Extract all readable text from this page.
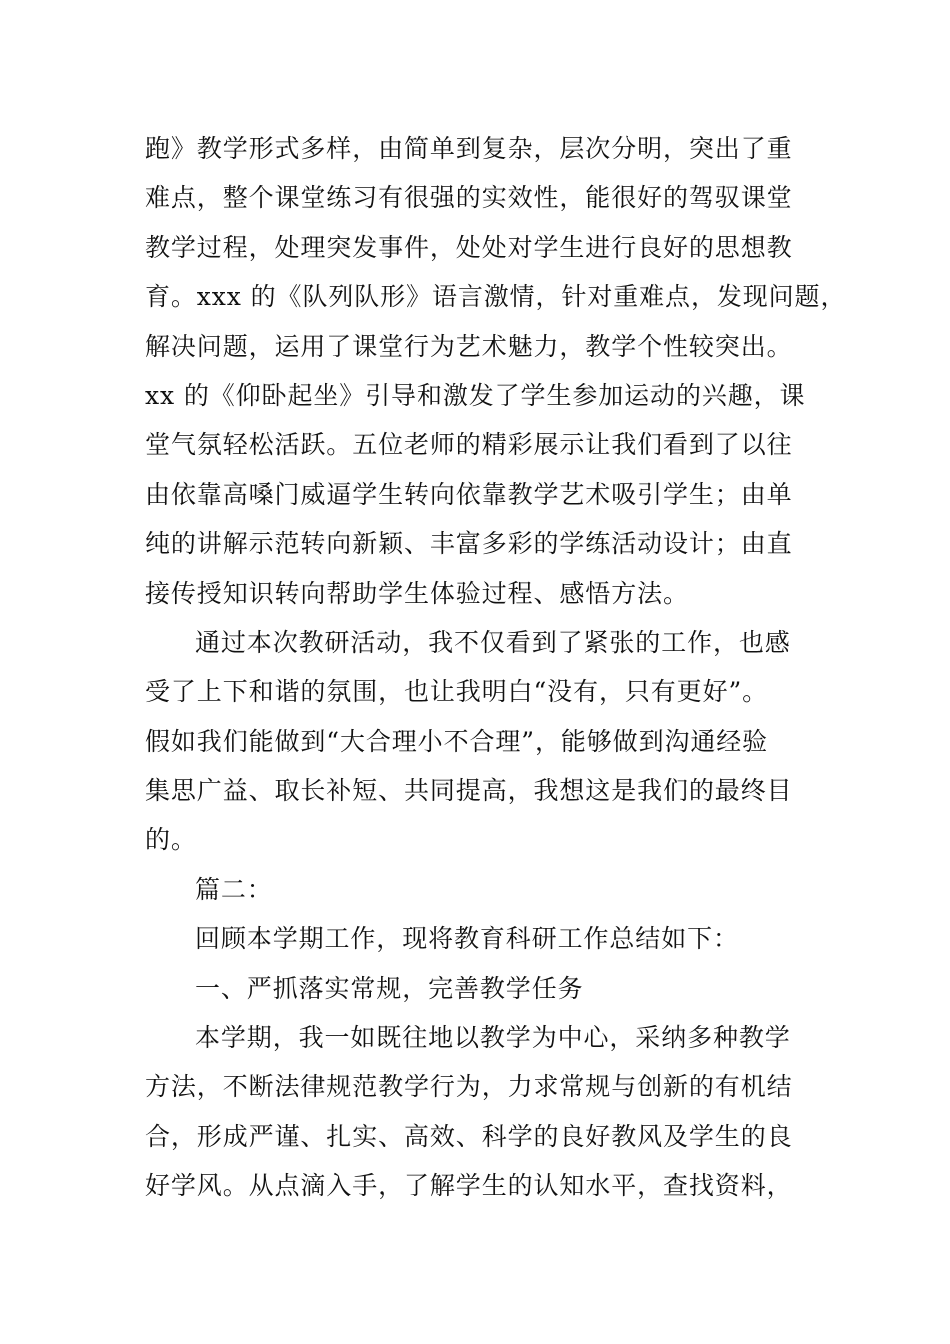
跑》教学形式多样，由简单到复杂，层次分明，突出了重
难点，整个课堂练习有很强的实效性，能很好的驾驭课堂
教学过程，处理突发事件，处处对学生进行良好的思想教
育。xxx 的《队列队形》语言激情，针对重难点，发现问题，
解决问题，运用了课堂行为艺术魅力，教学个性较突出。
xx 的《仰卧起坐》引导和激发了学生参加运动的兴趣，课
堂气氛轻松活跃。五位老师的精彩展示让我们看到了以往
由依靠高嗓门威逼学生转向依靠教学艺术吸引学生；由单
纯的讲解示范转向新颖、丰富多彩的学练活动设计；由直
接传授知识转向帮助学生体验过程、感悟方法。
通过本次教研活动，我不仅看到了紧张的工作，也感
受了上下和谐的氛围，也让我明白“没有，只有更好”。
假如我们能做到“大合理小不合理”，能够做到沟通经验
集思广益、取长补短、共同提高，我想这是我们的最终目
的。
篇二：
回顾本学期工作，现将教育科研工作总结如下：
一、严抓落实常规，完善教学任务
本学期，我一如既往地以教学为中心，采纳多种教学
方法，不断法律规范教学行为，力求常规与创新的有机结
合，形成严谨、扎实、高效、科学的良好教风及学生的良
好学风。从点滴入手，了解学生的认知水平，查找资料，
